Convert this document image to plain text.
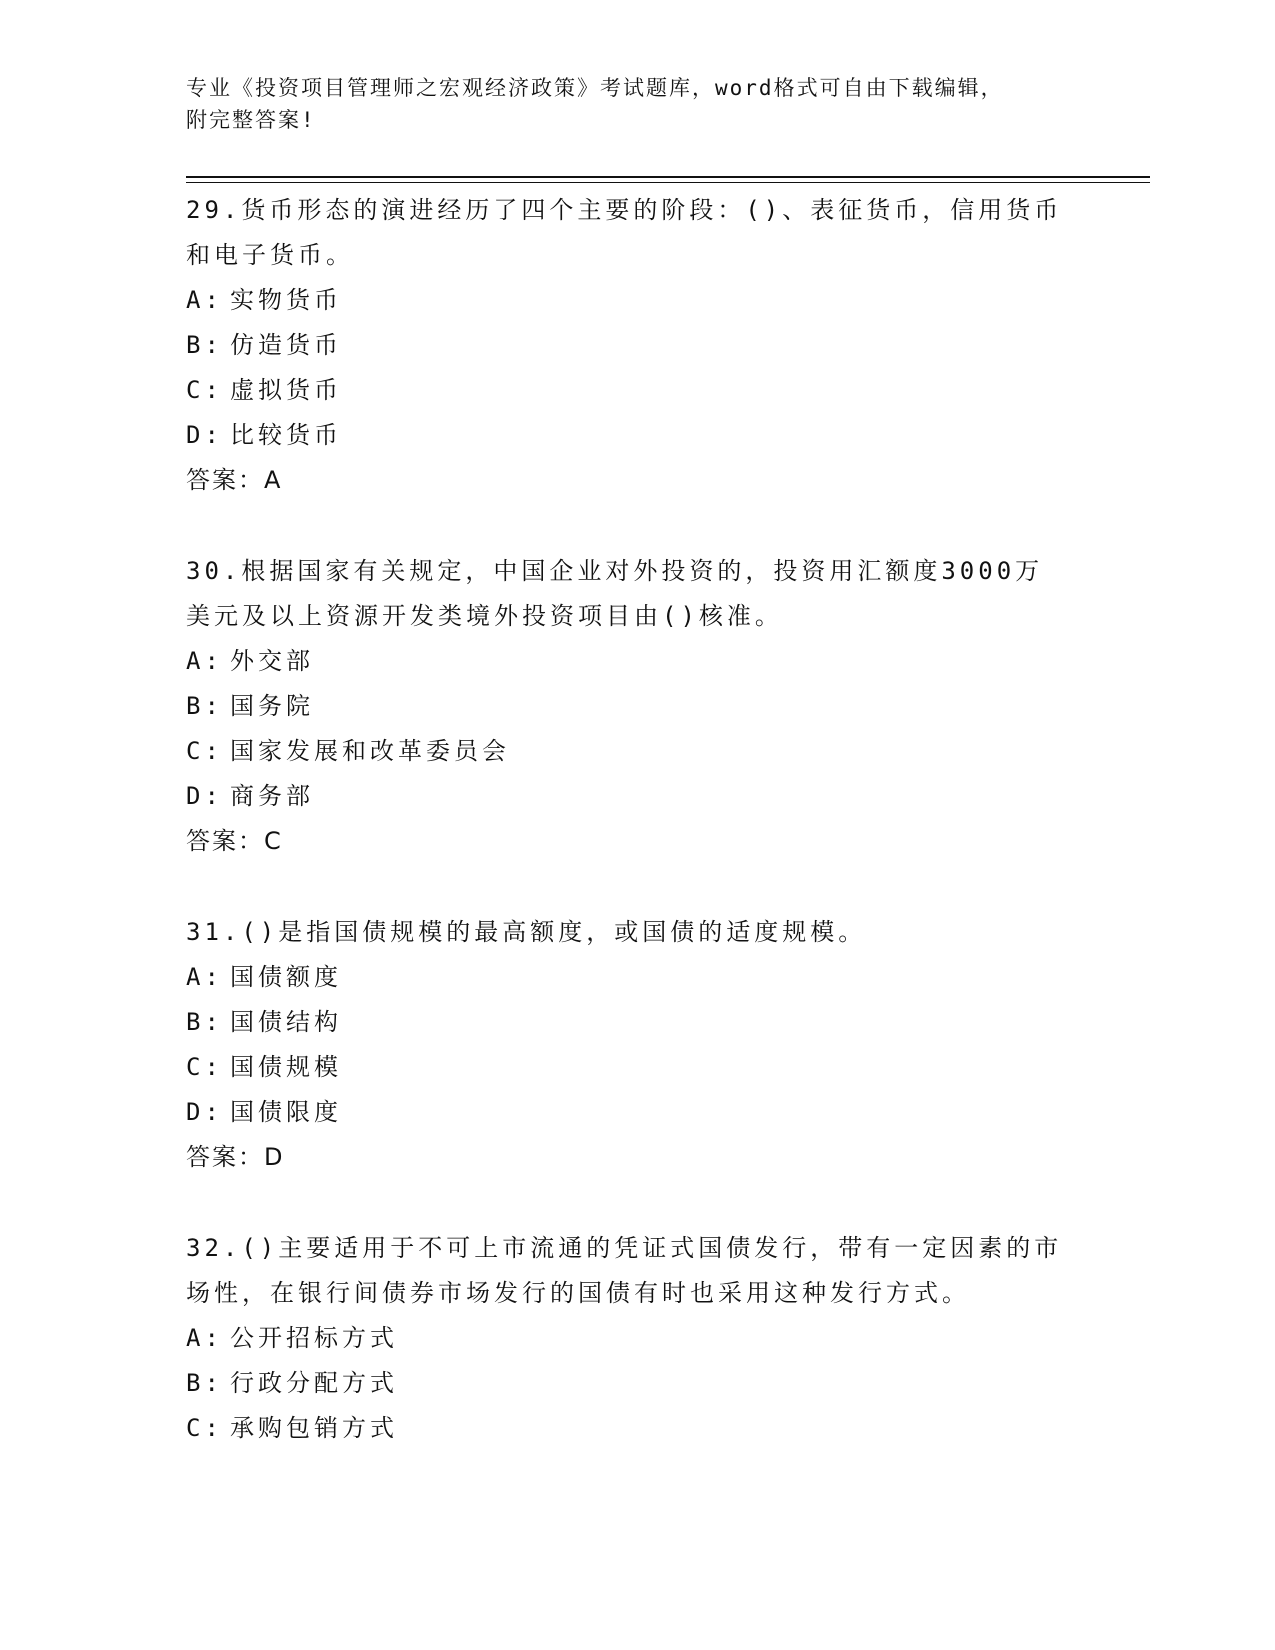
专业《投资项目管理师之宏观经济政策》考试题库，word格式可自由下载编辑，
附完整答案!

29.货币形态的演进经历了四个主要的阶段：()、表征货币，信用货币

和电子货币。

A: 实物货币

B: 仿造货币

C: 虚拟货币

D: 比较货币

答案：A

30.根据国家有关规定，中国企业对外投资的，投资用汇额度3000万

美元及以上资源开发类境外投资项目由()核准。

A: 外交部

B: 国务院

C: 国家发展和改革委员会

D: 商务部

答案：C

31.()是指国债规模的最高额度，或国债的适度规模。

A: 国债额度

B: 国债结构

C: 国债规模

D: 国债限度

答案：D

32.()主要适用于不可上市流通的凭证式国债发行，带有一定因素的市

场性，在银行间债券市场发行的国债有时也采用这种发行方式。

A: 公开招标方式

B: 行政分配方式

C: 承购包销方式
